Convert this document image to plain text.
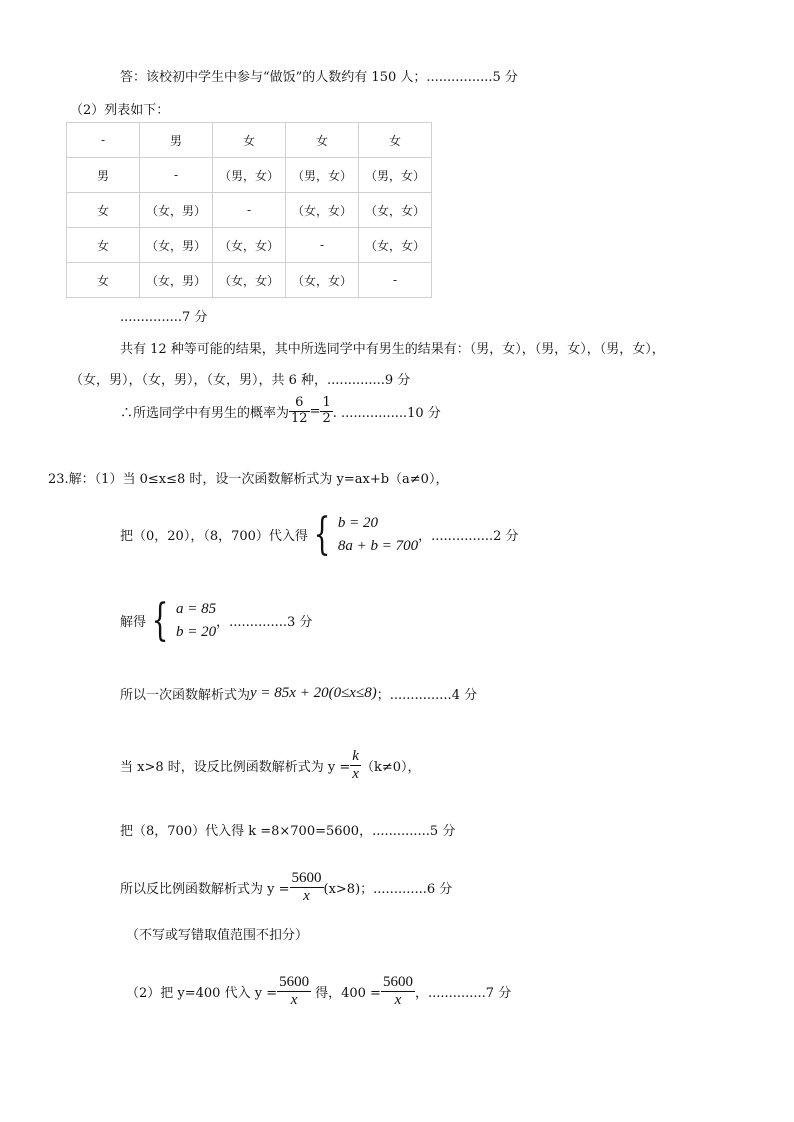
答：该校初中学生中参与“做饭”的人数约有 150 人；................5 分
（2）列表如下：
-	男	女	女	女
男	-	（男，女）	（男，女）	（男，女）
女	（女，男）	-	（女，女）	（女，女）
女	（女，男）	（女，女）	-	（女，女）
女	（女，男）	（女，女）	（女，女）	-
...............7 分
共有 12 种等可能的结果，其中所选同学中有男生的结果有：（男，女），（男，女），（男，女），
（女，男），（女，男），（女，男），共 6 种，..............9 分
∴所选同学中有男生的概率为 $\frac{6}{12} = \frac{1}{2}$ . ................10 分
23.解：（1）当 0≤x≤8 时，设一次函数解析式为 y=ax+b（a≠0），
把（0，20），（8，700）代入得 { b = 20
8a + b = 700
，...............2 分
解得 { a = 85
b = 20
，..............3 分
所以一次函数解析式为 y = 85x + 20(0≤x≤8) ；...............4 分
当 x>8 时，设反比例函数解析式为 $y = \frac{k}{x} (k\ne 0)$，
把（8，700）代入得 k =8×700=5600，..............5 分
所以反比例函数解析式为 $y = \frac{5600}{x} (x>8)$；.............6 分
（不写或写错取值范围不扣分）
（2）把 y=400 代入 $y = \frac{5600}{x}$ 得，$400 = \frac{5600}{x}$ ，..............7 分
